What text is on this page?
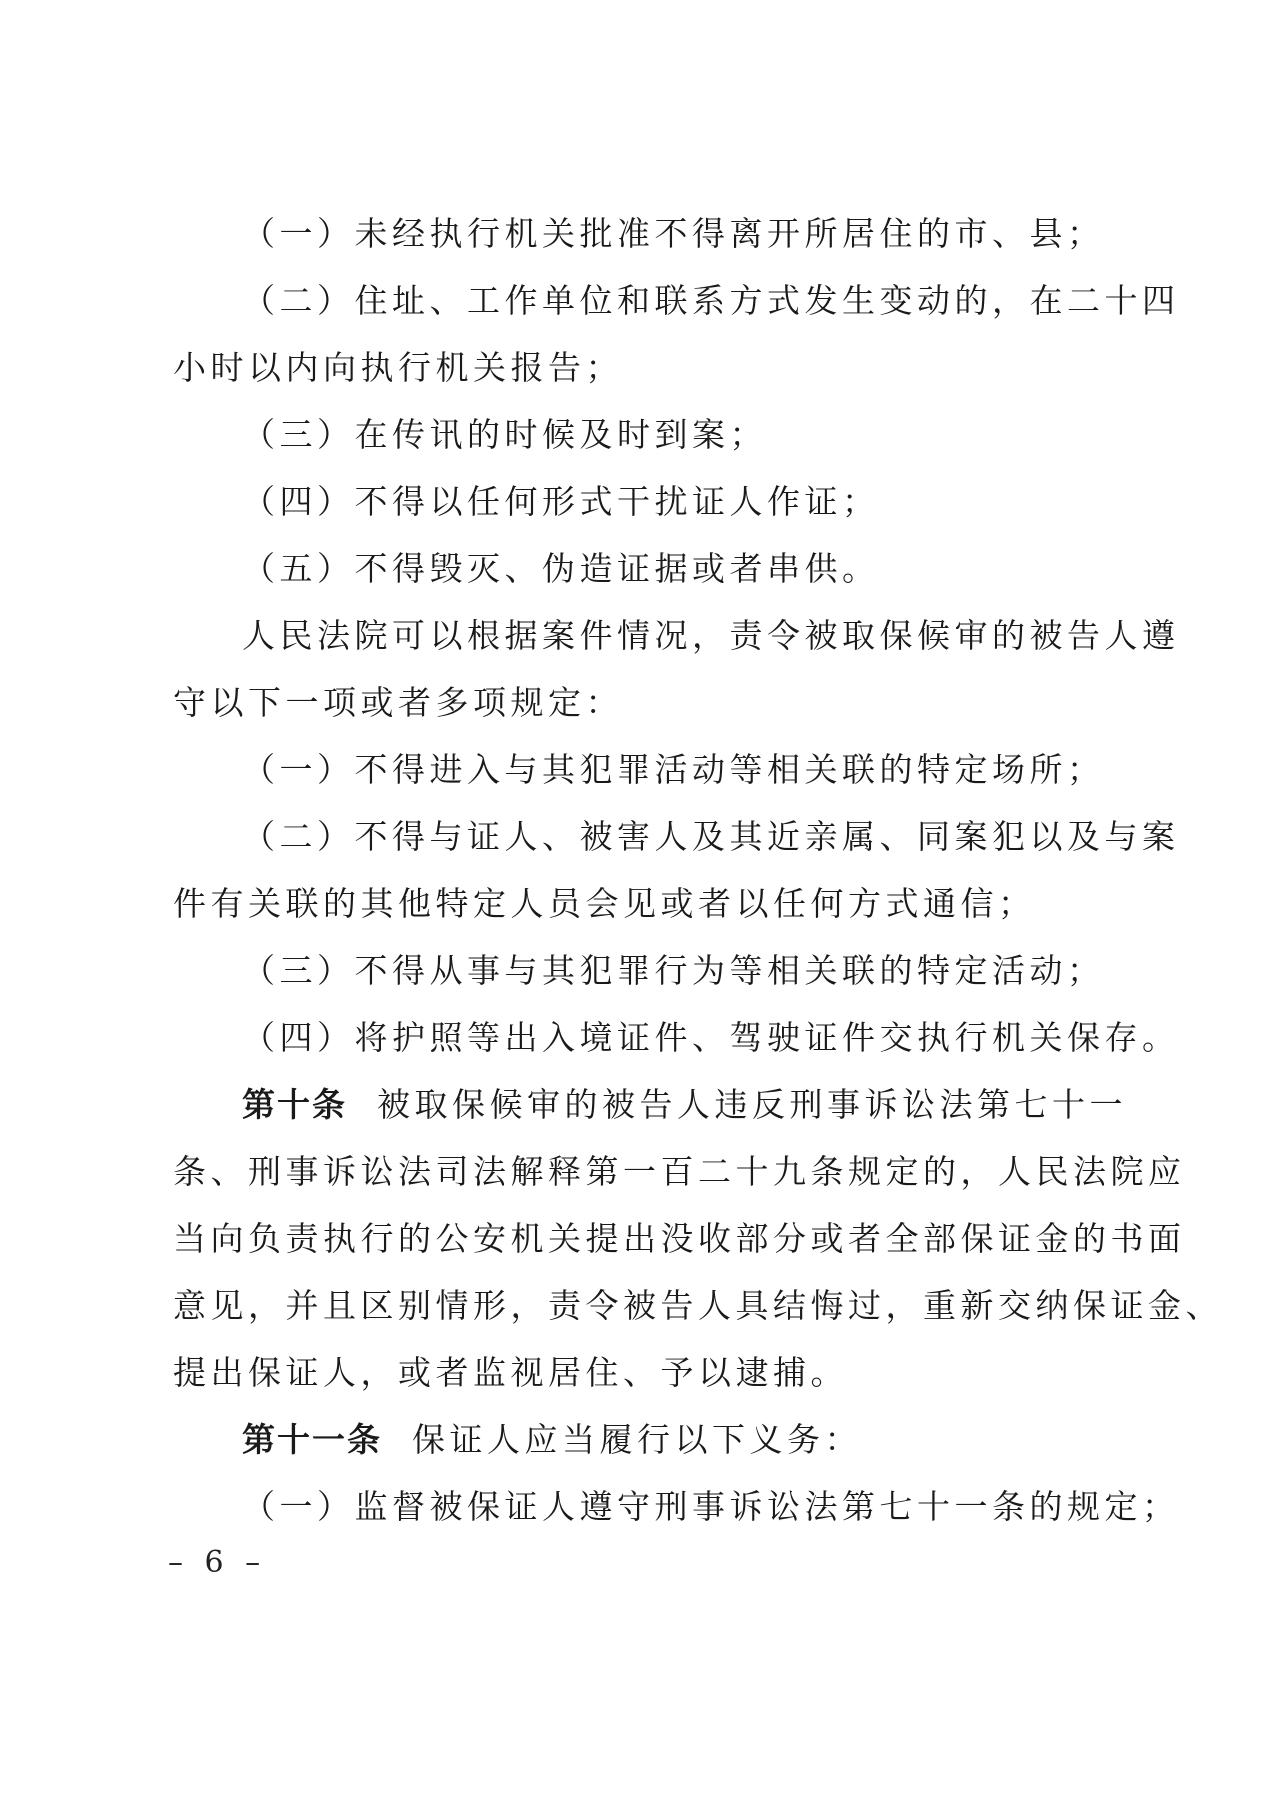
（一）未经执行机关批准不得离开所居住的市、县；
（二）住址、工作单位和联系方式发生变动的，在二十四
小时以内向执行机关报告；
（三）在传讯的时候及时到案；
（四）不得以任何形式干扰证人作证；
（五）不得毁灭、伪造证据或者串供。
人民法院可以根据案件情况，责令被取保候审的被告人遵
守以下一项或者多项规定：
（一）不得进入与其犯罪活动等相关联的特定场所；
（二）不得与证人、被害人及其近亲属、同案犯以及与案
件有关联的其他特定人员会见或者以任何方式通信；
（三）不得从事与其犯罪行为等相关联的特定活动；
（四）将护照等出入境证件、驾驶证件交执行机关保存。
第十条 被取保候审的被告人违反刑事诉讼法第七十一
条、刑事诉讼法司法解释第一百二十九条规定的，人民法院应
当向负责执行的公安机关提出没收部分或者全部保证金的书面
意见，并且区别情形，责令被告人具结悔过，重新交纳保证金、
提出保证人，或者监视居住、予以逮捕。
第十一条 保证人应当履行以下义务：
（一）监督被保证人遵守刑事诉讼法第七十一条的规定；
– 6 –
